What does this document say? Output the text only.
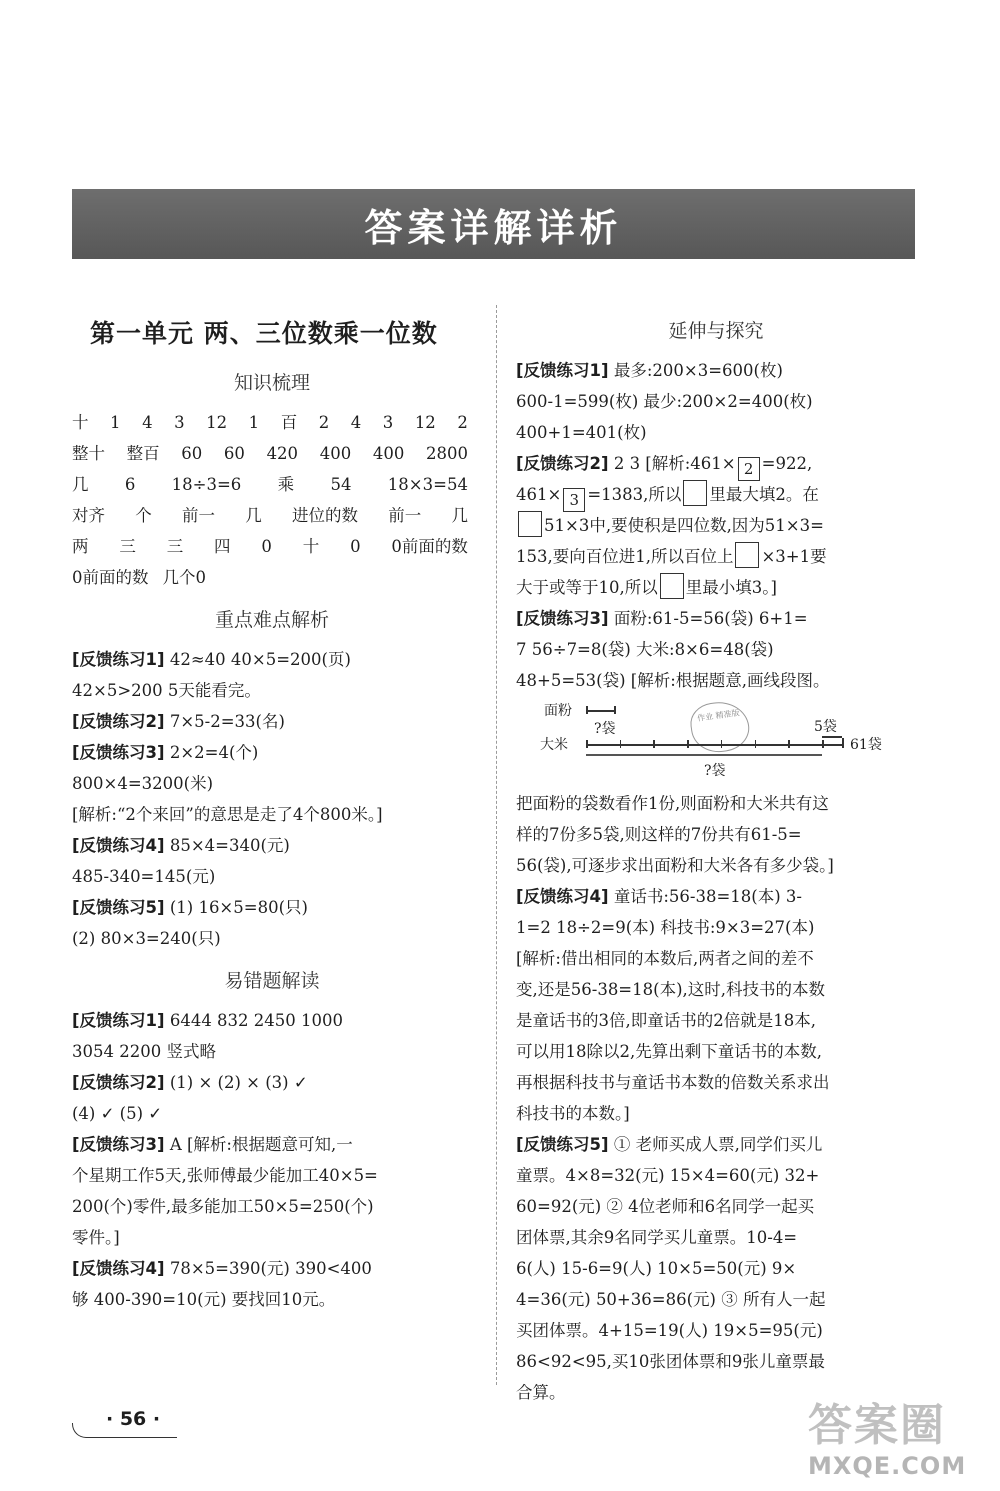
答案详解详析
第一单元 两、三位数乘一位数
知识梳理
十 1 4 3 12 1 百 2 4 3 12 2
整十 整百 60 60 420 400 400 2800
几 6 18÷3=6 乘 54 18×3=54
对齐 个 前一 几 进位的数 前一 几
两 三 三 四 0 十 0 0前面的数
0前面的数 几个0
重点难点解析
[反馈练习1] 42≈40 40×5=200(页)
42×5>200 5天能看完。
[反馈练习2] 7×5-2=33(名)
[反馈练习3] 2×2=4(个)
800×4=3200(米)
[解析:“2个来回”的意思是走了4个800米。]
[反馈练习4] 85×4=340(元)
485-340=145(元)
[反馈练习5] (1) 16×5=80(只)
(2) 80×3=240(只)
易错题解读
[反馈练习1] 6444 832 2450 1000
3054 2200 竖式略
[反馈练习2] (1) × (2) × (3) ✓
(4) ✓ (5) ✓
[反馈练习3] A [解析:根据题意可知,一
个星期工作5天,张师傅最少能加工40×5=
200(个)零件,最多能加工50×5=250(个)
零件。]
[反馈练习4] 78×5=390(元) 390<400
够 400-390=10(元) 要找回10元。
延伸与探究
[反馈练习1] 最多:200×3=600(枚)
600-1=599(枚) 最少:200×2=400(枚)
400+1=401(枚)
[反馈练习2] 2 3 [解析:461× 2 =922,
461× 3 =1383,所以 里最大填2。在
51×3中,要使积是四位数,因为51×3=
153,要向百位进1,所以百位上 ×3+1要
大于或等于10,所以 里最小填3。]
[反馈练习3] 面粉:61-5=56(袋) 6+1=
7 56÷7=8(袋) 大米:8×6=48(袋)
48+5=53(袋) [解析:根据题意,画线段图。
面粉
?袋
作业 精准版
大米
5袋
61袋
?袋
把面粉的袋数看作1份,则面粉和大米共有这
样的7份多5袋,则这样的7份共有61-5=
56(袋),可逐步求出面粉和大米各有多少袋。]
[反馈练习4] 童话书:56-38=18(本) 3-
1=2 18÷2=9(本) 科技书:9×3=27(本)
[解析:借出相同的本数后,两者之间的差不
变,还是56-38=18(本),这时,科技书的本数
是童话书的3倍,即童话书的2倍就是18本,
可以用18除以2,先算出剩下童话书的本数,
再根据科技书与童话书本数的倍数关系求出
科技书的本数。]
[反馈练习5] ① 老师买成人票,同学们买儿
童票。4×8=32(元) 15×4=60(元) 32+
60=92(元) ② 4位老师和6名同学一起买
团体票,其余9名同学买儿童票。10-4=
6(人) 15-6=9(人) 10×5=50(元) 9×
4=36(元) 50+36=86(元) ③ 所有人一起
买团体票。4+15=19(人) 19×5=95(元)
86<92<95,买10张团体票和9张儿童票最
合算。
· 56 ·	答案圈
MXQE.COM
